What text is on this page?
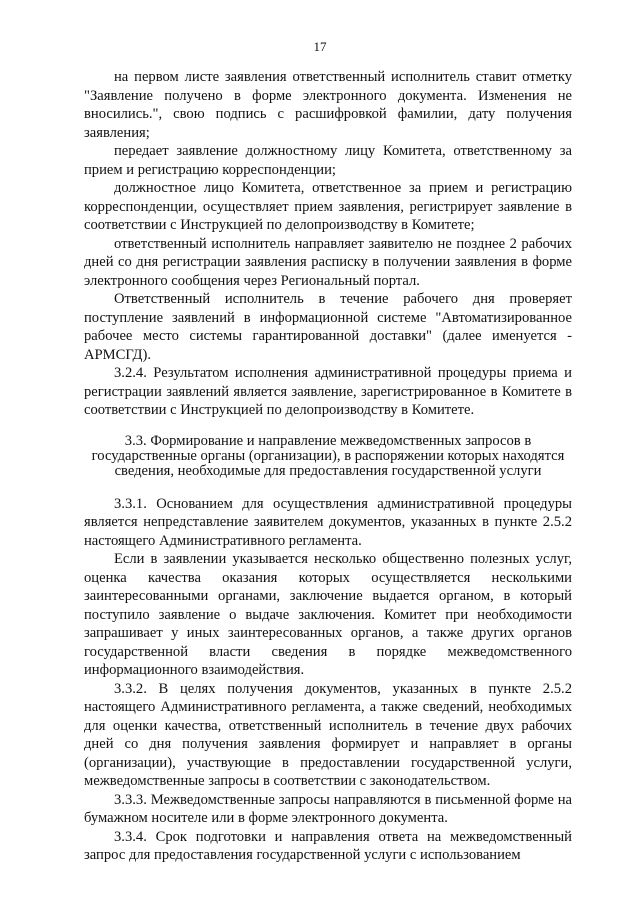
17

на первом листе заявления ответственный исполнитель ставит отметку "Заявление получено в форме электронного документа. Изменения не вносились.", свою подпись с расшифровкой фамилии, дату получения заявления;

передает заявление должностному лицу Комитета, ответственному за прием и регистрацию корреспонденции;

должностное лицо Комитета, ответственное за прием и регистрацию корреспонденции, осуществляет прием заявления, регистрирует заявление в соответствии с Инструкцией по делопроизводству в Комитете;

ответственный исполнитель направляет заявителю не позднее 2 рабочих дней со дня регистрации заявления расписку в получении заявления в форме электронного сообщения через Региональный портал.

Ответственный исполнитель в течение рабочего дня проверяет поступление заявлений в информационной системе "Автоматизированное рабочее место системы гарантированной доставки" (далее именуется - АРМСГД).

3.2.4. Результатом исполнения административной процедуры приема и регистрации заявлений является заявление, зарегистрированное в Комитете в соответствии с Инструкцией по делопроизводству в Комитете.

3.3. Формирование и направление межведомственных запросов в государственные органы (организации), в распоряжении которых находятся сведения, необходимые для предоставления государственной услуги

3.3.1. Основанием для осуществления административной процедуры является непредставление заявителем документов, указанных в пункте 2.5.2 настоящего Административного регламента.

Если в заявлении указывается несколько общественно полезных услуг, оценка качества оказания которых осуществляется несколькими заинтересованными органами, заключение выдается органом, в который поступило заявление о выдаче заключения. Комитет при необходимости запрашивает у иных заинтересованных органов, а также других органов государственной власти сведения в порядке межведомственного информационного взаимодействия.

3.3.2. В целях получения документов, указанных в пункте 2.5.2 настоящего Административного регламента, а также сведений, необходимых для оценки качества, ответственный исполнитель в течение двух рабочих дней со дня получения заявления формирует и направляет в органы (организации), участвующие в предоставлении государственной услуги, межведомственные запросы в соответствии с законодательством.

3.3.3. Межведомственные запросы направляются в письменной форме на бумажном носителе или в форме электронного документа.

3.3.4. Срок подготовки и направления ответа на межведомственный запрос для предоставления государственной услуги с использованием
